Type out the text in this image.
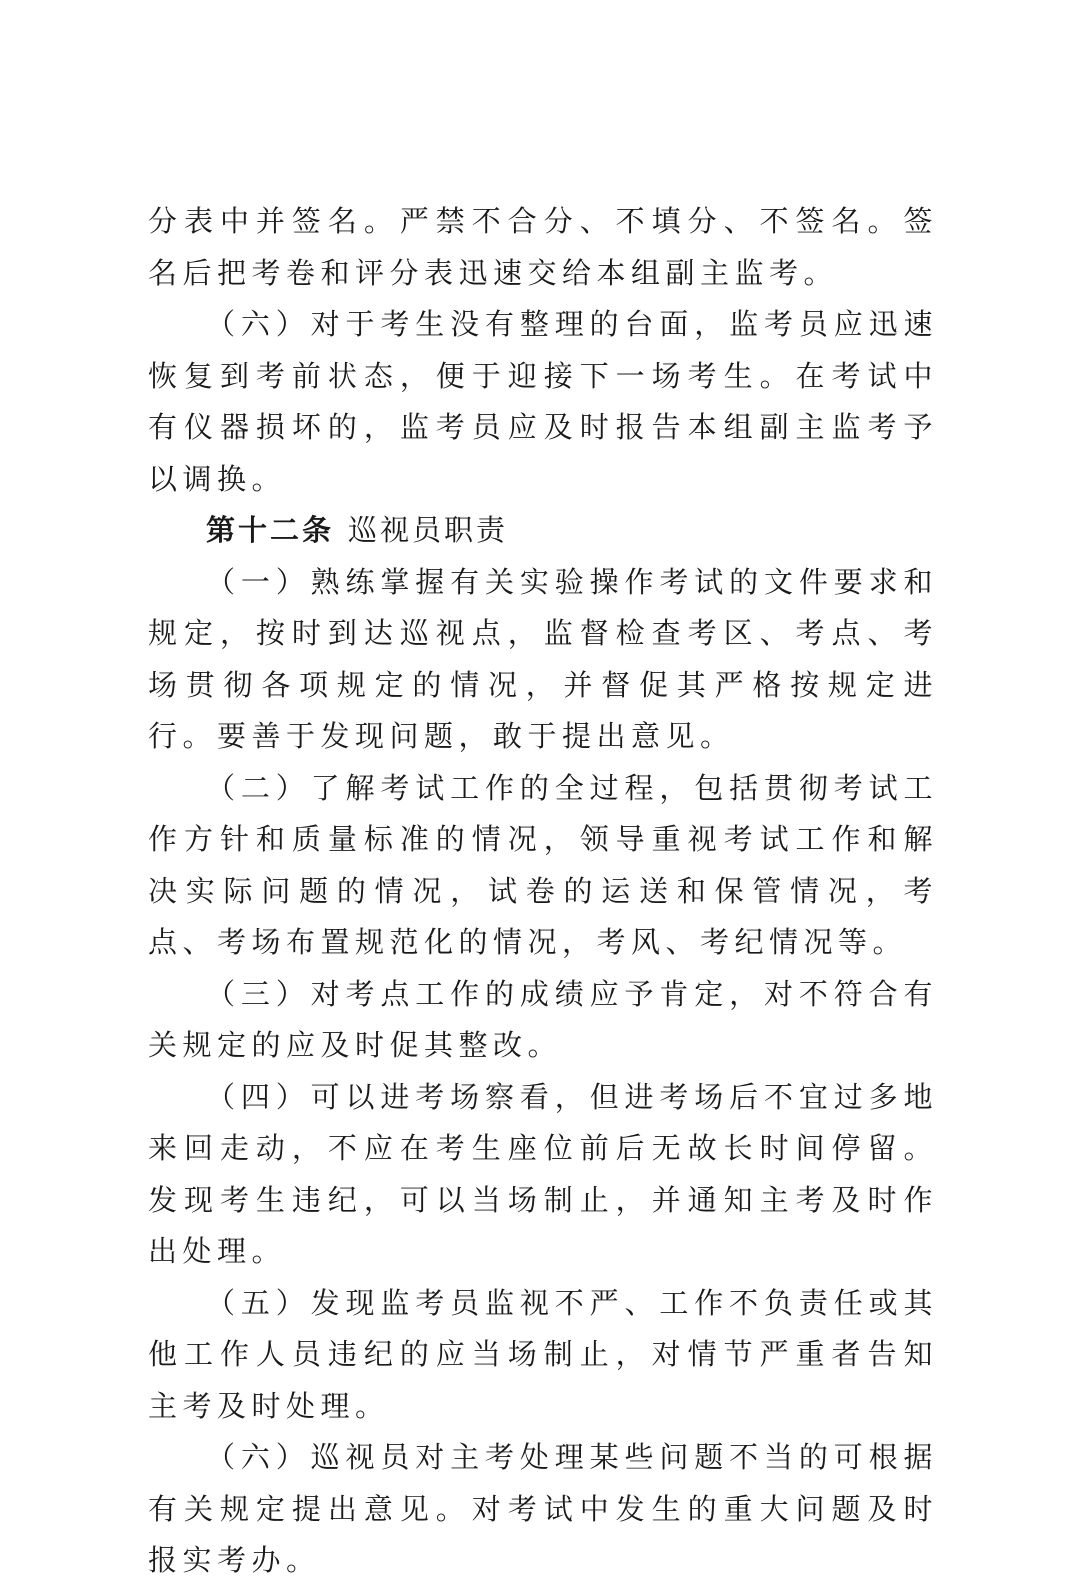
分表中并签名。严禁不合分、不填分、不签名。签名后把考卷和评分表迅速交给本组副主监考。

（六）对于考生没有整理的台面，监考员应迅速恢复到考前状态，便于迎接下一场考生。在考试中有仪器损坏的，监考员应及时报告本组副主监考予以调换。

第十二条 巡视员职责

（一）熟练掌握有关实验操作考试的文件要求和规定，按时到达巡视点，监督检查考区、考点、考场贯彻各项规定的情况，并督促其严格按规定进行。要善于发现问题，敢于提出意见。

（二）了解考试工作的全过程，包括贯彻考试工作方针和质量标准的情况，领导重视考试工作和解决实际问题的情况，试卷的运送和保管情况，考点、考场布置规范化的情况，考风、考纪情况等。

（三）对考点工作的成绩应予肯定，对不符合有关规定的应及时促其整改。

（四）可以进考场察看，但进考场后不宜过多地来回走动，不应在考生座位前后无故长时间停留。发现考生违纪，可以当场制止，并通知主考及时作出处理。

（五）发现监考员监视不严、工作不负责任或其他工作人员违纪的应当场制止，对情节严重者告知主考及时处理。

（六）巡视员对主考处理某些问题不当的可根据有关规定提出意见。对考试中发生的重大问题及时报实考办。
